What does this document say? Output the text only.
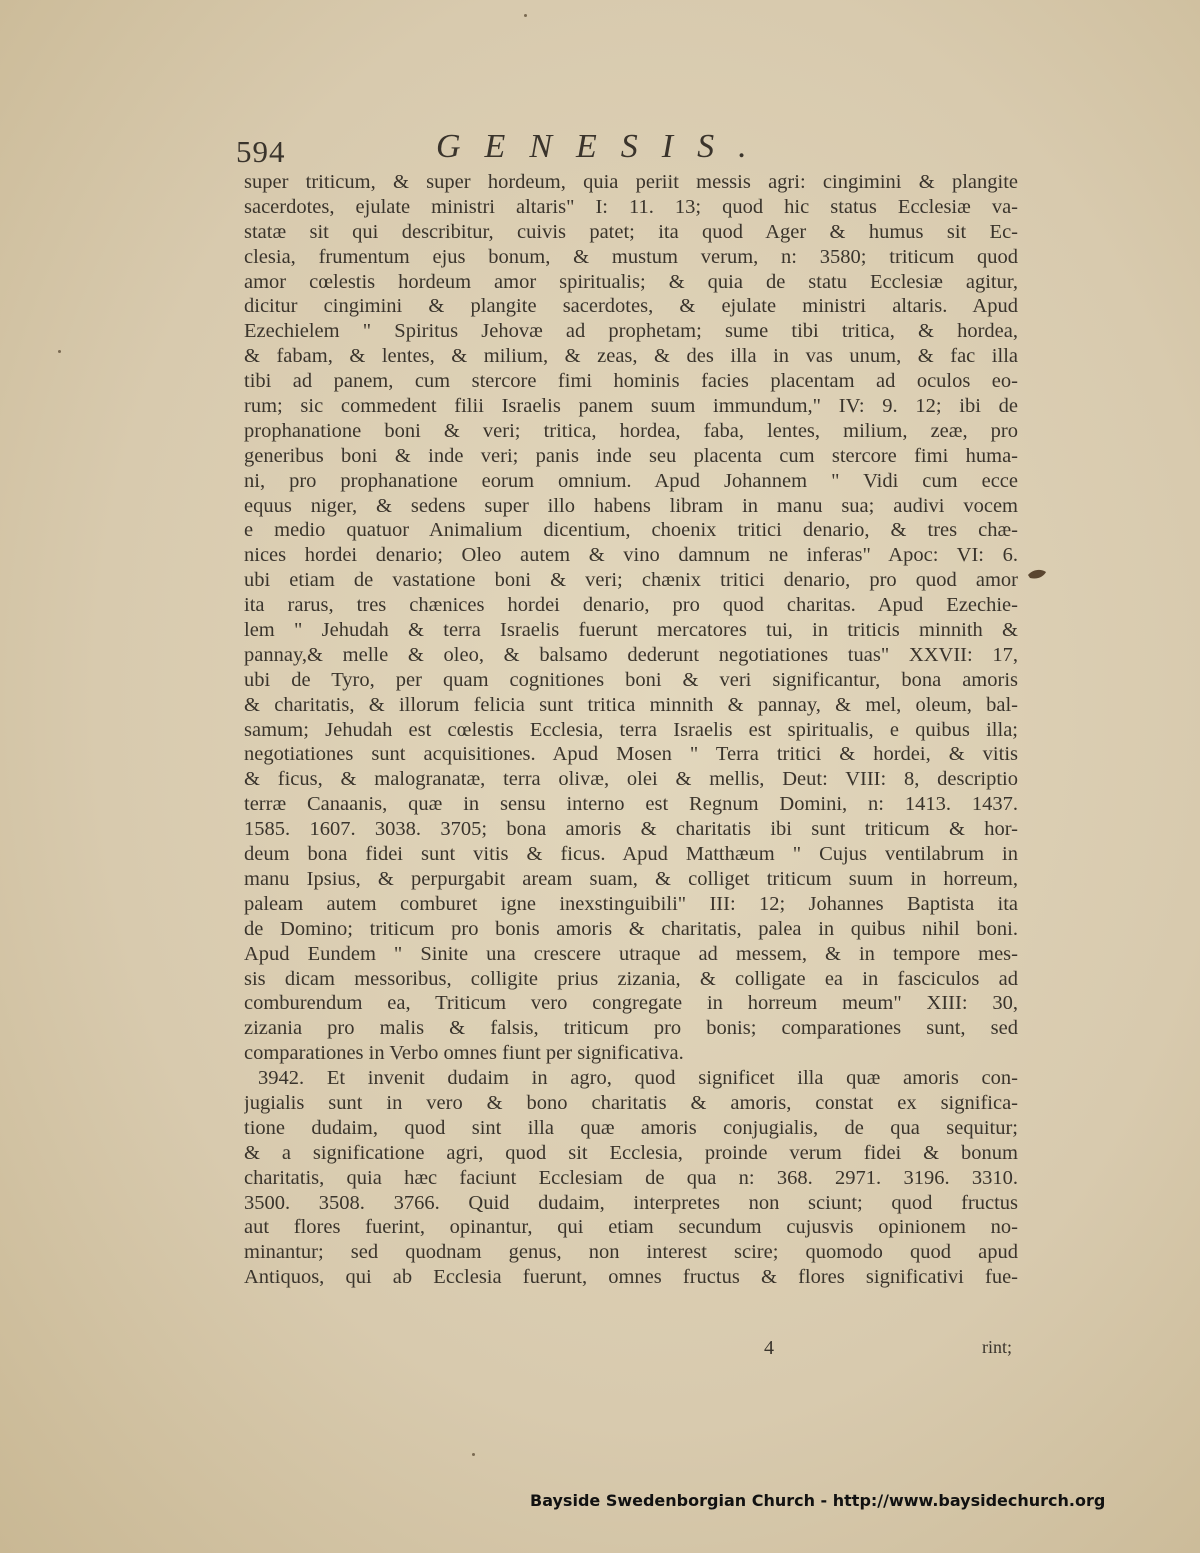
594	GENESIS.
super triticum, & super hordeum, quia periit messis agri: cingimini & plangite
sacerdotes, ejulate ministri altaris" I: 11. 13; quod hic status Ecclesiæ va-
statæ sit qui describitur, cuivis patet; ita quod Ager & humus sit Ec-
clesia, frumentum ejus bonum, & mustum verum, n: 3580; triticum quod
amor cœlestis hordeum amor spiritualis; & quia de statu Ecclesiæ agitur,
dicitur cingimini & plangite sacerdotes, & ejulate ministri altaris. Apud
Ezechielem " Spiritus Jehovæ ad prophetam; sume tibi tritica, & hordea,
& fabam, & lentes, & milium, & zeas, & des illa in vas unum, & fac illa
tibi ad panem, cum stercore fimi hominis facies placentam ad oculos eo-
rum; sic commedent filii Israelis panem suum immundum," IV: 9. 12; ibi de
prophanatione boni & veri; tritica, hordea, faba, lentes, milium, zeæ, pro
generibus boni & inde veri; panis inde seu placenta cum stercore fimi huma-
ni, pro prophanatione eorum omnium. Apud Johannem " Vidi cum ecce
equus niger, & sedens super illo habens libram in manu sua; audivi vocem
e medio quatuor Animalium dicentium, choenix tritici denario, & tres chæ-
nices hordei denario; Oleo autem & vino damnum ne inferas" Apoc: VI: 6.
ubi etiam de vastatione boni & veri; chænix tritici denario, pro quod amor
ita rarus, tres chænices hordei denario, pro quod charitas. Apud Ezechie-
lem " Jehudah & terra Israelis fuerunt mercatores tui, in triticis minnith &
pannay,& melle & oleo, & balsamo dederunt negotiationes tuas" XXVII: 17,
ubi de Tyro, per quam cognitiones boni & veri significantur, bona amoris
& charitatis, & illorum felicia sunt tritica minnith & pannay, & mel, oleum, bal-
samum; Jehudah est cœlestis Ecclesia, terra Israelis est spiritualis, e quibus illa;
negotiationes sunt acquisitiones. Apud Mosen " Terra tritici & hordei, & vitis
& ficus, & malogranatæ, terra olivæ, olei & mellis, Deut: VIII: 8, descriptio
terræ Canaanis, quæ in sensu interno est Regnum Domini, n: 1413. 1437.
1585. 1607. 3038. 3705; bona amoris & charitatis ibi sunt triticum & hor-
deum bona fidei sunt vitis & ficus. Apud Matthæum " Cujus ventilabrum in
manu Ipsius, & perpurgabit aream suam, & colliget triticum suum in horreum,
paleam autem comburet igne inexstinguibili" III: 12; Johannes Baptista ita
de Domino; triticum pro bonis amoris & charitatis, palea in quibus nihil boni.
Apud Eundem " Sinite una crescere utraque ad messem, & in tempore mes-
sis dicam messoribus, colligite prius zizania, & colligate ea in fasciculos ad
comburendum ea, Triticum vero congregate in horreum meum" XIII: 30,
zizania pro malis & falsis, triticum pro bonis; comparationes sunt, sed
comparationes in Verbo omnes fiunt per significativa.
3942. Et invenit dudaim in agro, quod significet illa quæ amoris con-
jugialis sunt in vero & bono charitatis & amoris, constat ex significa-
tione dudaim, quod sint illa quæ amoris conjugialis, de qua sequitur;
& a significatione agri, quod sit Ecclesia, proinde verum fidei & bonum
charitatis, quia hæc faciunt Ecclesiam de qua n: 368. 2971. 3196. 3310.
3500. 3508. 3766. Quid dudaim, interpretes non sciunt; quod fructus
aut flores fuerint, opinantur, qui etiam secundum cujusvis opinionem no-
minantur; sed quodnam genus, non interest scire; quomodo quod apud
Antiquos, qui ab Ecclesia fuerunt, omnes fructus & flores significativi fue-
4	rint;
Bayside Swedenborgian Church - http://www.baysidechurch.org
